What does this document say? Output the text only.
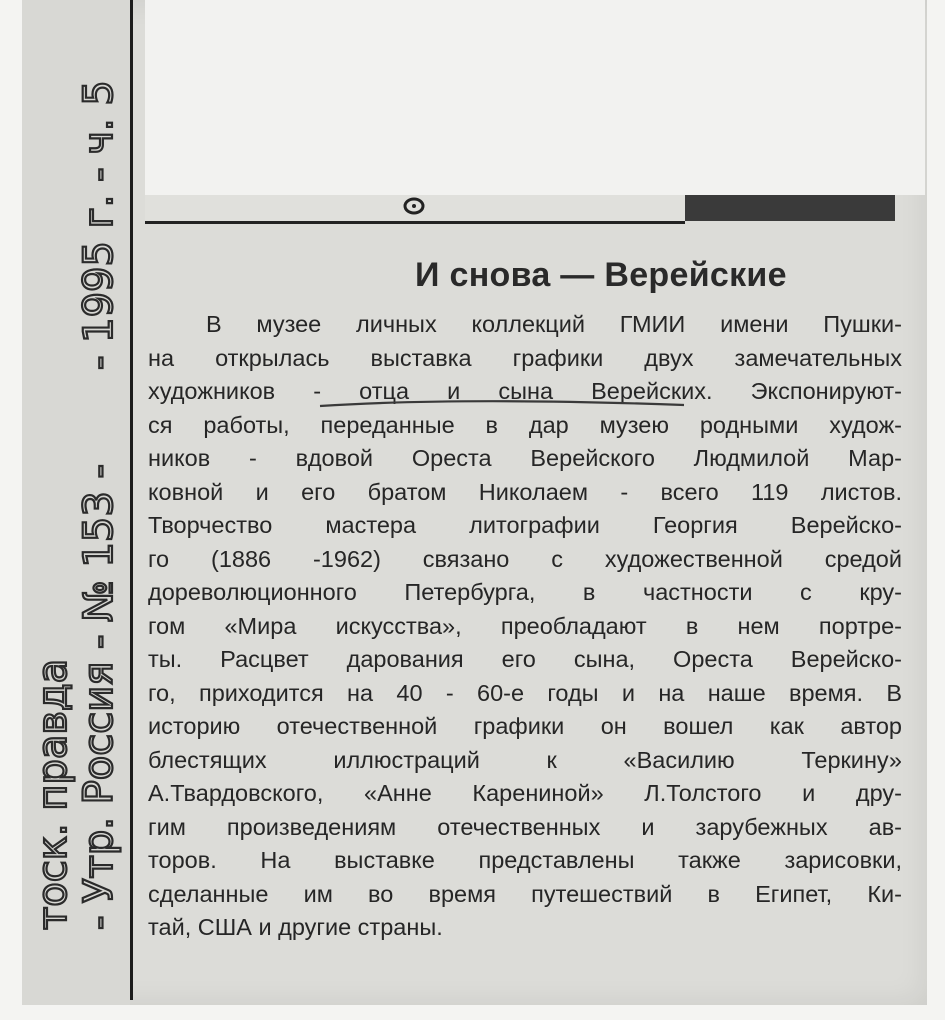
И снова — Верейские
В музее личных коллекций ГМИИ имени Пушки-
на открылась выставка графики двух замечательных
художников - отца и сына Верейских. Экспонируют-
ся работы, переданные в дар музею родными худож-
ников - вдовой Ореста Верейского Людмилой Мар-
ковной и его братом Николаем - всего 119 листов.
Творчество мастера литографии Георгия Верейско-
го (1886 -1962) связано с художественной средой
дореволюционного Петербурга, в частности с кру-
гом «Мира искусства», преобладают в нем портре-
ты. Расцвет дарования его сына, Ореста Верейско-
го, приходится на 40 - 60-е годы и на наше время. В
историю отечественной графики он вошел как автор
блестящих иллюстраций к «Василию Теркину»
А.Твардовского, «Анне Карениной» Л.Толстого и дру-
гим произведениям отечественных и зарубежных ав-
торов. На выставке представлены также зарисовки,
сделанные им во время путешествий в Египет, Ки-
тай, США и другие страны.
тоск. правда - Утр. Россия - № 153 -
- 1995 г. - ч. 5
